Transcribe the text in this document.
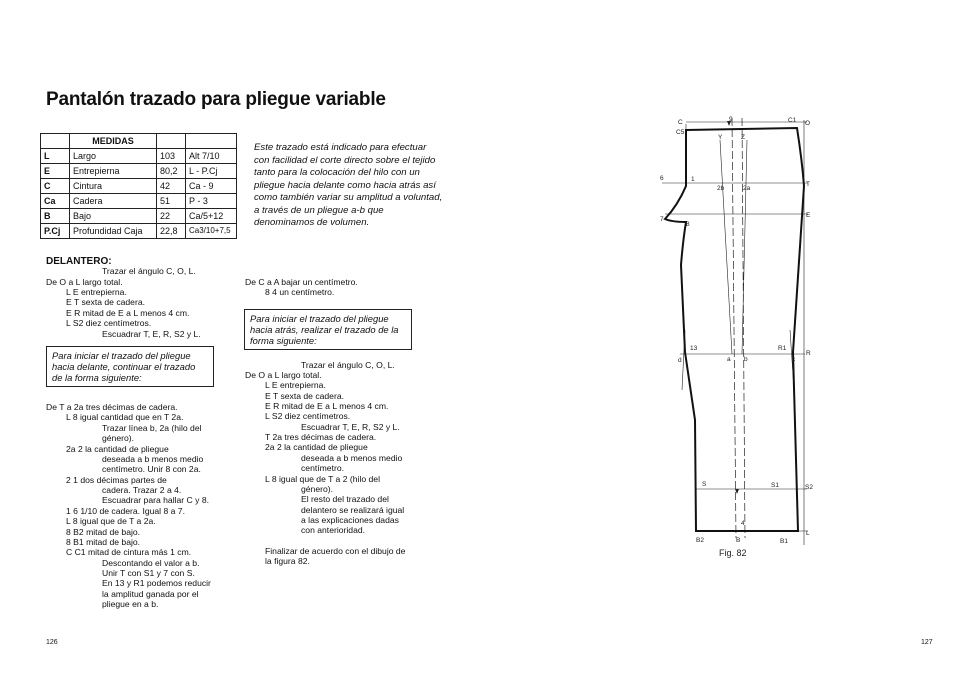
Pantalón trazado para pliegue variable
	MEDIDAS		
L	Largo	103	Alt 7/10
E	Entrepierna	80,2	L - P.Cj
C	Cintura	42	Ca - 9
Ca	Cadera	51	P - 3
B	Bajo	22	Ca/5+12
P.Cj	Profundidad Caja	22,8	Ca3/10+7,5
Este trazado está indicado para efectuar con facilidad el corte directo sobre el tejido tanto para la colocación del hilo con un pliegue hacia delante como hacia atrás así como también variar su amplitud a voluntad, a través de un pliegue a-b que denominamos de volumen.
DELANTERO:
Trazar el ángulo C, O, L.
De O a L largo total.
L E entrepierna.
E T sexta de cadera.
E R mitad de E a L menos 4 cm.
L S2 diez centímetros.
Escuadrar T, E, R, S2 y L.
Para iniciar el trazado del pliegue hacia delante, continuar el trazado de la forma siguiente:
De T a 2a tres décimas de cadera.
L 8 igual cantidad que en T 2a.
Trazar línea b, 2a (hilo del
género).
2a 2 la cantidad de pliegue
deseada a b menos medio
centímetro. Unir 8 con 2a.
2 1 dos décimas partes de
cadera. Trazar 2 a 4.
Escuadrar para hallar C y 8.
1 6 1/10 de cadera. Igual 8 a 7.
L 8 igual que de T a 2a.
8 B2 mitad de bajo.
8 B1 mitad de bajo.
C C1 mitad de cintura más 1 cm.
Descontando el valor a b.
Unir T con S1 y 7 con S.
En 13 y R1 podemos reducir
la amplitud ganada por el
pliegue en a b.
De C a A bajar un centímetro.
8 4 un centímetro.
Para iniciar el trazado del pliegue hacia atrás, realizar el trazado de la forma siguiente:
Trazar el ángulo C, O, L.
De O a L largo total.
L E entrepierna.
E T sexta de cadera.
E R mitad de E a L menos 4 cm.
L S2 diez centímetros.
Escuadrar T, E, R, S2 y L.
T 2a tres décimas de cadera.
2a 2 la cantidad de pliegue
deseada a b menos medio
centímetro.
L 8 igual que de T a 2 (hilo del
género).
El resto del trazado del
delantero se realizará igual
a las explicaciones dadas
con anterioridad.
Finalizar de acuerdo con el dibujo de
la figura 82.
C
C5
9	C1 O
Y	Z
6	1
2b	2a
T
E
7
8
13	R1
R
d	a b	c
S	S1	S2
4
L
B2	B	B1
Fig. 82
126	127
